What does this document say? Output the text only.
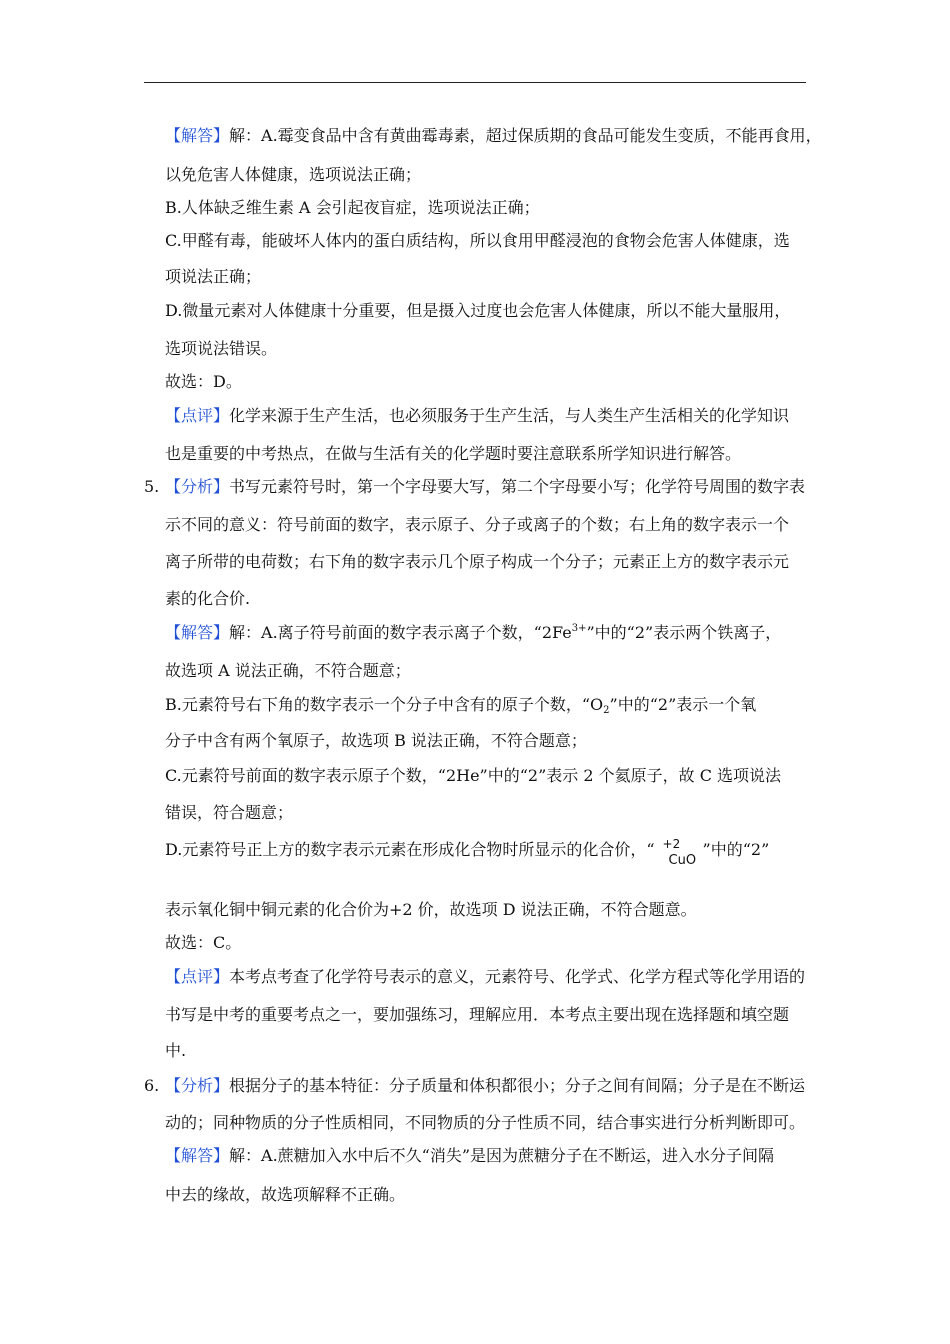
【解答】解：A.霉变食品中含有黄曲霉毒素，超过保质期的食品可能发生变质，不能再食用，
以免危害人体健康，选项说法正确；
B.人体缺乏维生素 A 会引起夜盲症，选项说法正确；
C.甲醛有毒，能破坏人体内的蛋白质结构，所以食用甲醛浸泡的食物会危害人体健康，选
项说法正确；
D.微量元素对人体健康十分重要，但是摄入过度也会危害人体健康，所以不能大量服用，
选项说法错误。
故选：D。
【点评】化学来源于生产生活，也必须服务于生产生活，与人类生产生活相关的化学知识
也是重要的中考热点，在做与生活有关的化学题时要注意联系所学知识进行解答。
5. 【分析】书写元素符号时，第一个字母要大写，第二个字母要小写；化学符号周围的数字表
示不同的意义：符号前面的数字，表示原子、分子或离子的个数；右上角的数字表示一个
离子所带的电荷数；右下角的数字表示几个原子构成一个分子；元素正上方的数字表示元
素的化合价.
【解答】解：A.离子符号前面的数字表示离子个数，“$2Fe^{3+}$”中的“2”表示两个铁离子，
故选项 A 说法正确，不符合题意；
B.元素符号右下角的数字表示一个分子中含有的原子个数，“$O_2$”中的“2”表示一个氧
分子中含有两个氧原子，故选项 B 说法正确，不符合题意；
C.元素符号前面的数字表示原子个数，“2He”中的“2”表示 2 个氦原子，故 C 选项说法
错误，符合题意；
D.元素符号正上方的数字表示元素在形成化合物时所显示的化合价，“ +2
CuO
”中的“2”
表示氧化铜中铜元素的化合价为+2 价，故选项 D 说法正确，不符合题意。
故选：C。
【点评】本考点考查了化学符号表示的意义，元素符号、化学式、化学方程式等化学用语的
书写是中考的重要考点之一，要加强练习，理解应用．本考点主要出现在选择题和填空题
中.
6. 【分析】根据分子的基本特征：分子质量和体积都很小；分子之间有间隔；分子是在不断运
动的；同种物质的分子性质相同，不同物质的分子性质不同，结合事实进行分析判断即可。
【解答】解：A.蔗糖加入水中后不久“消失”是因为蔗糖分子在不断运，进入水分子间隔
中去的缘故，故选项解释不正确。
